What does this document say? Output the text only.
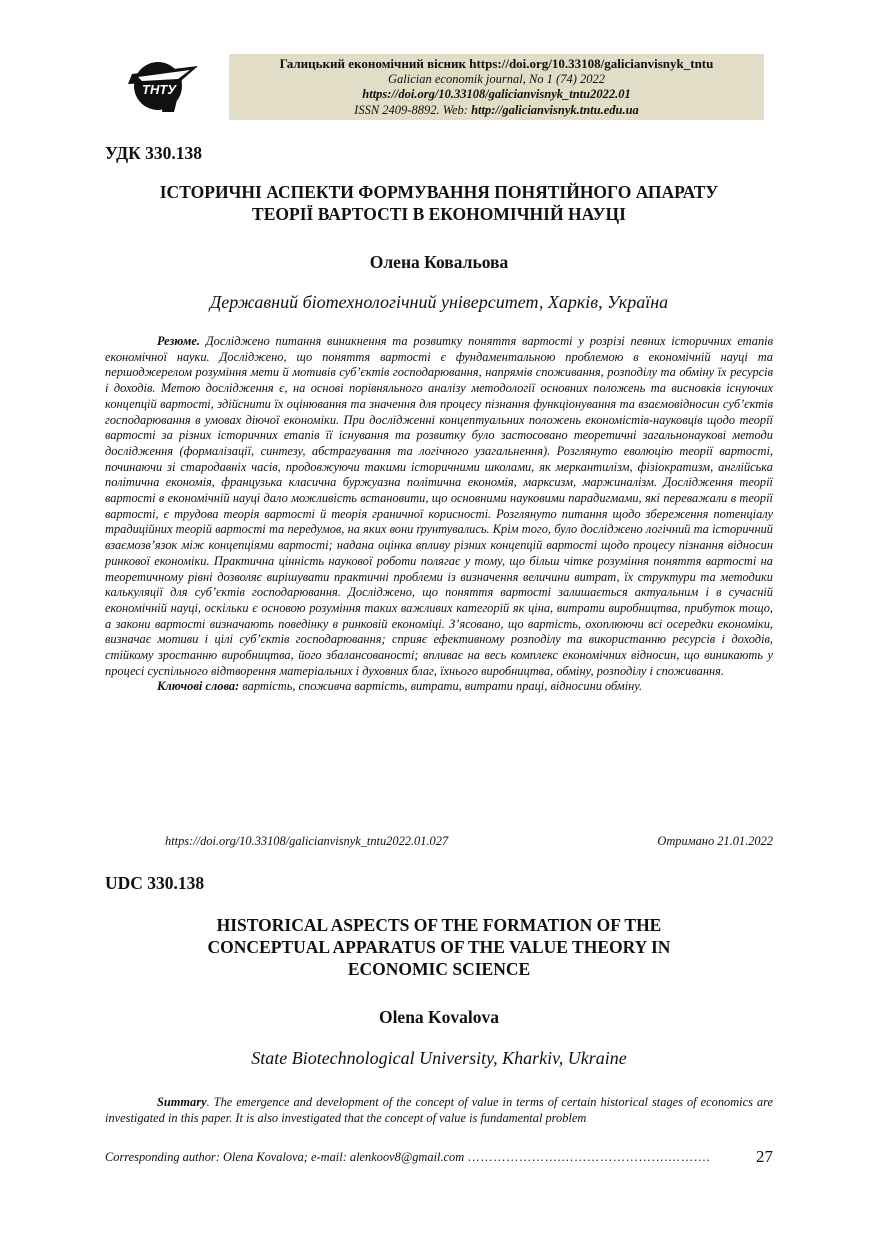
ТНТУ
Галицький економічний вісник https://doi.org/10.33108/galicianvisnyk_tntu
Galician economik journal, No 1 (74) 2022
https://doi.org/10.33108/galicianvisnyk_tntu2022.01
ISSN 2409-8892. Web: http://galicianvisnyk.tntu.edu.ua
УДК 330.138
ІСТОРИЧНІ АСПЕКТИ ФОРМУВАННЯ ПОНЯТІЙНОГО АПАРАТУ
ТЕОРІЇ ВАРТОСТІ В ЕКОНОМІЧНІЙ НАУЦІ
Олена Ковальова
Державний біотехнологічний університет, Харків, Україна

Резюме. Досліджено питання виникнення та розвитку поняття вартості у розрізі певних історичних етапів економічної науки. Досліджено, що поняття вартості є фундаментальною проблемою в економічній науці та першоджерелом розуміння мети й мотивів суб’єктів господарювання, напрямів споживання, розподілу та обміну їх ресурсів і доходів. Метою дослідження є, на основі порівняльного аналізу методології основних положень та висновків існуючих концепцій вартості, здійснити їх оцінювання та значення для процесу пізнання функціонування та взаємовідносин суб’єктів господарювання в умовах діючої економіки. При дослідженні концептуальних положень економістів-науковців щодо теорії вартості за різних історичних етапів її існування та розвитку було застосовано теоретичні загальнонаукові методи дослідження (формалізації, синтезу, абстрагування та логічного узагальнення). Розглянуто еволюцію теорії вартості, починаючи зі стародавніх часів, продовжуючи такими історичними школами, як меркантилізм, фізіократизм, англійська політична економія, французька класична буржуазна політична економія, марксизм, маржиналізм. Дослідження теорії вартості в економічній науці дало можливість встановити, що основними науковими парадигмами, які переважали в теорії вартості, є трудова теорія вартості й теорія граничної корисності. Розглянуто питання щодо збереження потенціалу традиційних теорій вартості та передумов, на яких вони ґрунтувались. Крім того, було досліджено логічний та історичний взаємозв’язок між концепціями вартості; надана оцінка впливу різних концепцій вартості щодо процесу пізнання відносин ринкової економіки. Практична цінність наукової роботи полягає у тому, що більш чітке розуміння поняття вартості на теоретичному рівні дозволяє вирішувати практичні проблеми із визначення величини витрат, їх структури та методики калькуляції для суб’єктів господарювання. Досліджено, що поняття вартості залишається актуальним і в сучасній економічній науці, оскільки є основою розуміння таких важливих категорій як ціна, витрати виробництва, прибуток тощо, а закони вартості визначають поведінку в ринковій економіці. З’ясовано, що вартість, охоплюючи всі осередки економіки, визначає мотиви і цілі суб’єктів господарювання; сприяє ефективному розподілу та використанню ресурсів і доходів, стійкому зростанню виробництва, його збалансованості; впливає на весь комплекс економічних відносин, що виникають у процесі суспільного відтворення матеріальних і духовних благ, їхнього виробництва, обміну, розподілу і споживання.

Ключові слова: вартість, споживча вартість, витрати, витрати праці, відносини обміну.

https://doi.org/10.33108/galicianvisnyk_tntu2022.01.027	Отримано 21.01.2022
UDC 330.138
HISTORICAL ASPECTS OF THE FORMATION OF THE
CONCEPTUAL APPARATUS OF THE VALUE THEORY IN
ECONOMIC SCIENCE
Olena Kovalova
State Biotechnological University, Kharkiv, Ukraine

Summary. The emergence and development of the concept of value in terms of certain historical stages of economics are investigated in this paper. It is also investigated that the concept of value is fundamental problem

Corresponding author: Olena Kovalova; e-mail: alenkoov8@gmail.com ………………….…………………….……….	27
